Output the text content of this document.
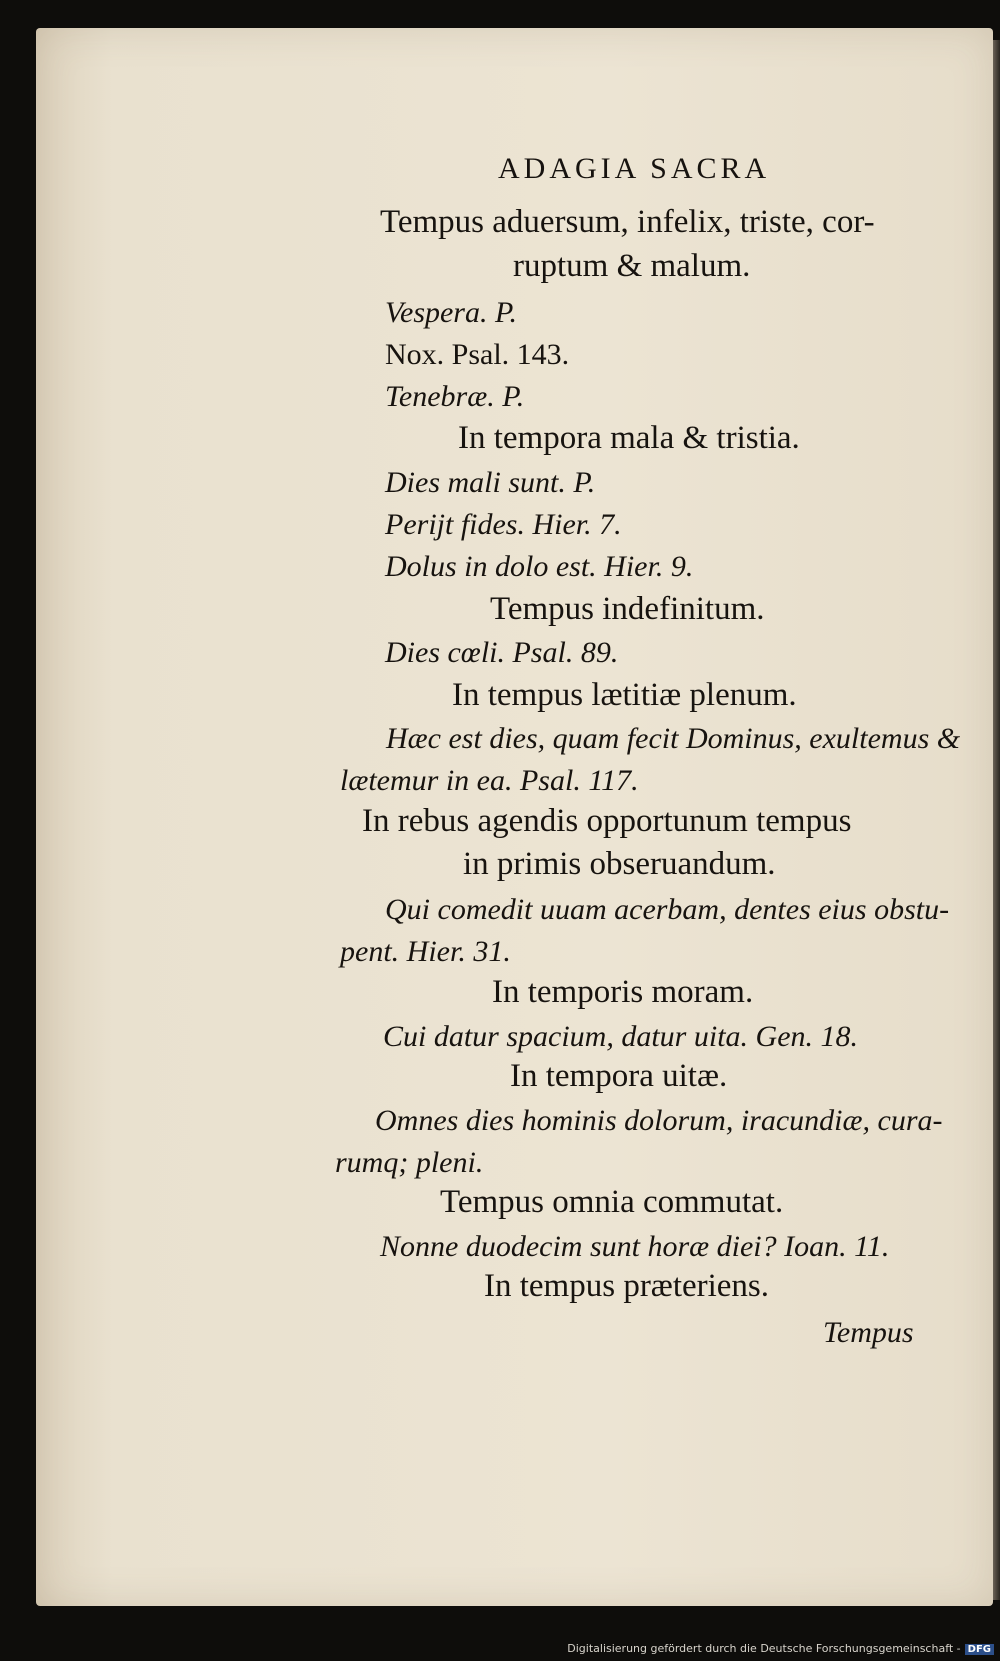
ADAGIA SACRA
Tempus aduersum, infelix, triste, cor-
ruptum & malum.
Vespera. P.
Nox. Psal. 143.
Tenebræ. P.
In tempora mala & tristia.
Dies mali sunt. P.
Perijt fides. Hier. 7.
Dolus in dolo est. Hier. 9.
Tempus indefinitum.
Dies cœli. Psal. 89.
In tempus lætitiæ plenum.
Hæc est dies, quam fecit Dominus, exultemus &
lætemur in ea. Psal. 117.
In rebus agendis opportunum tempus
in primis obseruandum.
Qui comedit uuam acerbam, dentes eius obstu-
pent. Hier. 31.
In temporis moram.
Cui datur spacium, datur uita. Gen. 18.
In tempora uitæ.
Omnes dies hominis dolorum, iracundiæ, cura-
rumq; pleni.
Tempus omnia commutat.
Nonne duodecim sunt horæ diei? Ioan. 11.
In tempus præteriens.
Tempus
Digitalisierung gefördert durch die Deutsche Forschungsgemeinschaft - DFG
